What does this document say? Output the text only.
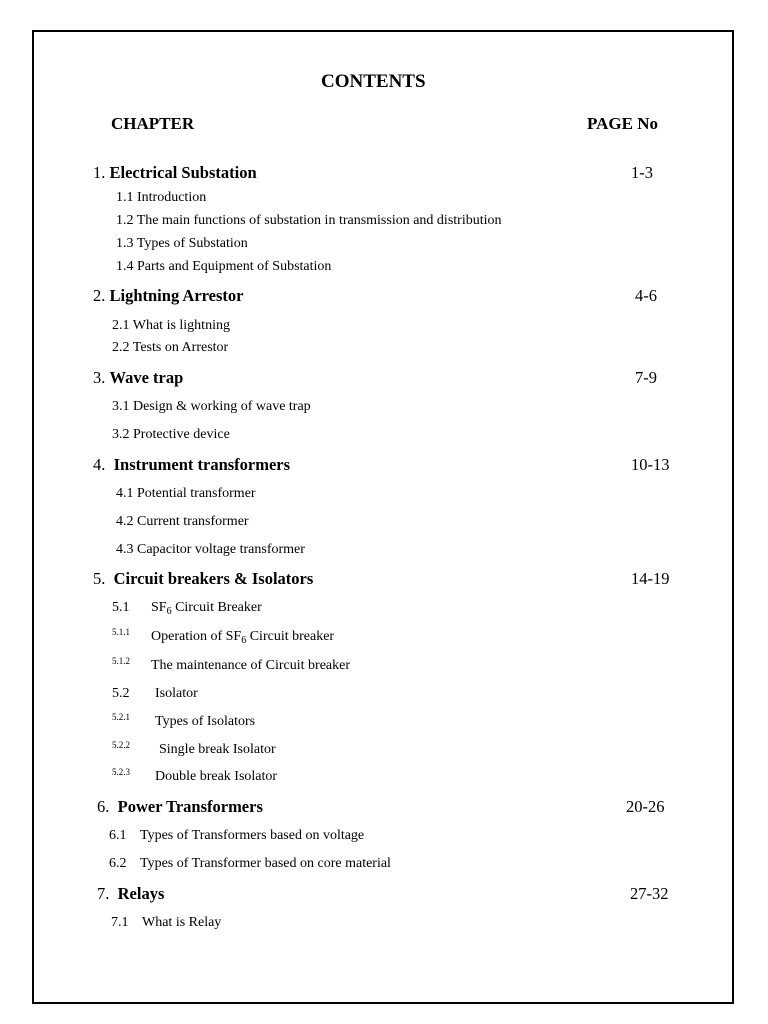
CONTENTS
CHAPTER	PAGE No
1. Electrical Substation	1-3
1.1 Introduction
1.2 The main functions of substation in transmission and distribution
1.3 Types of Substation
1.4 Parts and Equipment of Substation
2. Lightning Arrestor	4-6
2.1 What is lightning
2.2 Tests on Arrestor
3. Wave trap	7-9
3.1 Design & working of wave trap
3.2 Protective device
4. Instrument transformers	10-13
4.1 Potential transformer
4.2 Current transformer
4.3 Capacitor voltage transformer
5. Circuit breakers & Isolators	14-19
5.1 $SF_6$ Circuit Breaker
5.1.1 Operation of $SF_6$ Circuit breaker
5.1.2 The maintenance of Circuit breaker
5.2 Isolator
5.2.1 Types of Isolators
5.2.2 Single break Isolator
5.2.3 Double break Isolator
6. Power Transformers	20-26
6.1 Types of Transformers based on voltage
6.2 Types of Transformer based on core material
7. Relays	27-32
7.1 What is Relay
